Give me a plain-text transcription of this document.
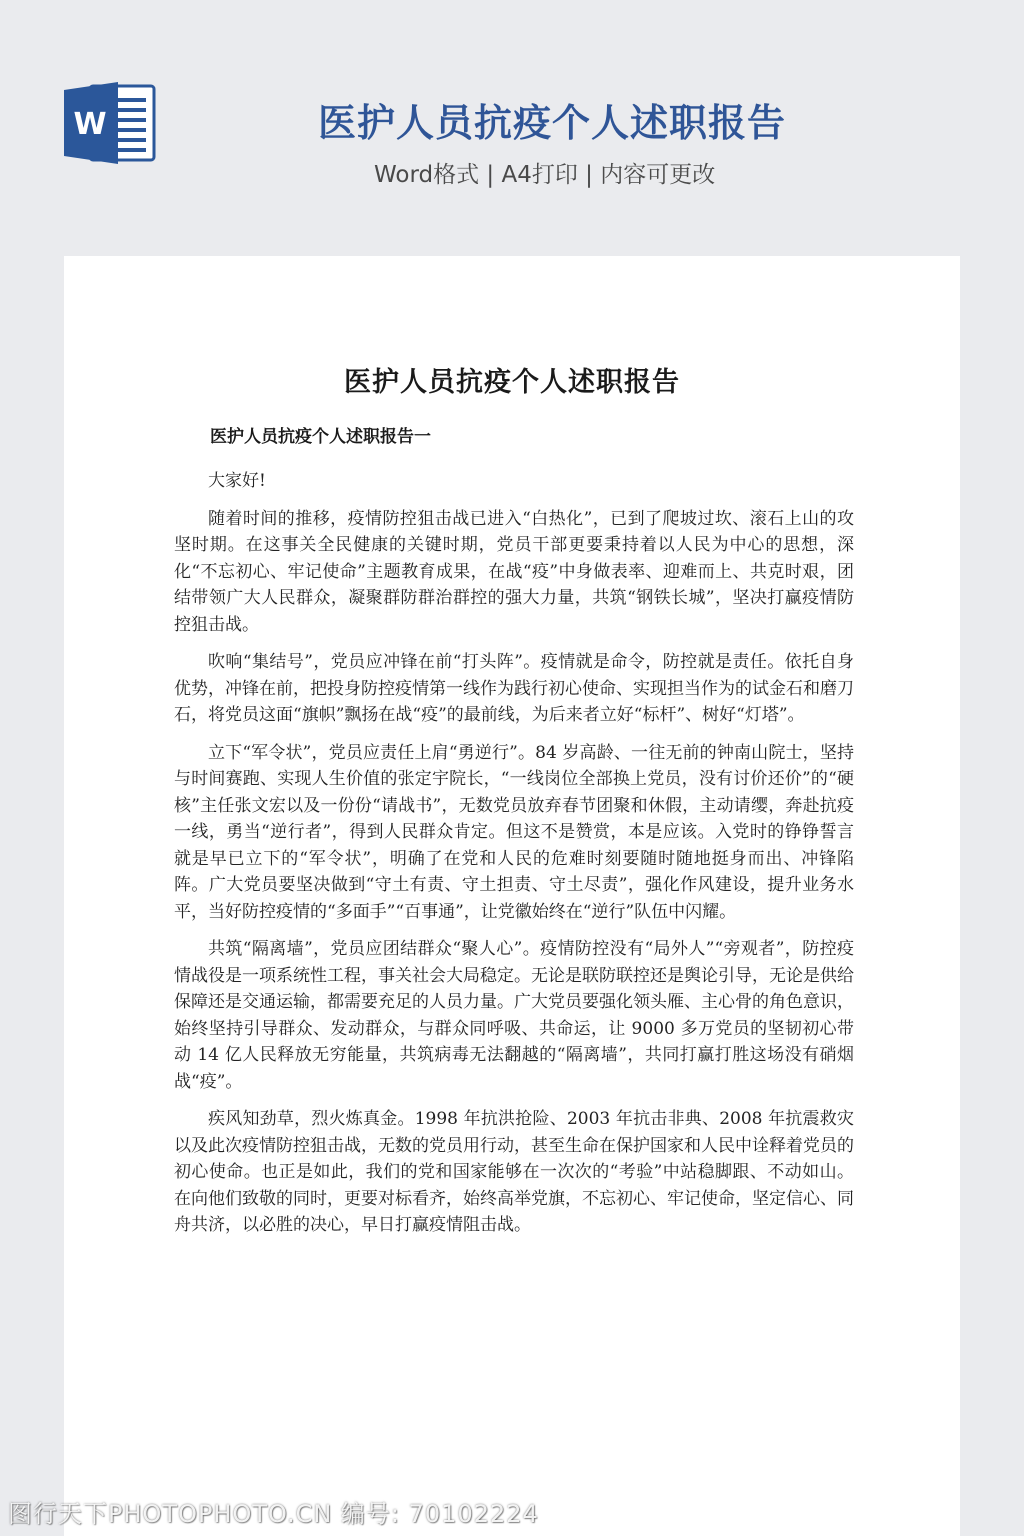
W	医护人员抗疫个人述职报告
Word格式 | A4打印 | 内容可更改
医护人员抗疫个人述职报告
医护人员抗疫个人述职报告一

大家好!

随着时间的推移，疫情防控狙击战已进入“白热化”，已到了爬坡过坎、滚石上山的攻坚时期。在这事关全民健康的关键时期，党员干部更要秉持着以人民为中心的思想，深化“不忘初心、牢记使命”主题教育成果，在战“疫”中身做表率、迎难而上、共克时艰，团结带领广大人民群众，凝聚群防群治群控的强大力量，共筑“钢铁长城”，坚决打赢疫情防控狙击战。

吹响“集结号”，党员应冲锋在前“打头阵”。疫情就是命令，防控就是责任。依托自身优势，冲锋在前，把投身防控疫情第一线作为践行初心使命、实现担当作为的试金石和磨刀石，将党员这面“旗帜”飘扬在战“疫”的最前线，为后来者立好“标杆”、树好“灯塔”。

立下“军令状”，党员应责任上肩“勇逆行”。84 岁高龄、一往无前的钟南山院士，坚持与时间赛跑、实现人生价值的张定宇院长，“一线岗位全部换上党员，没有讨价还价”的“硬核”主任张文宏以及一份份“请战书”，无数党员放弃春节团聚和休假，主动请缨，奔赴抗疫一线，勇当“逆行者”，得到人民群众肯定。但这不是赞赏，本是应该。入党时的铮铮誓言就是早已立下的“军令状”，明确了在党和人民的危难时刻要随时随地挺身而出、冲锋陷阵。广大党员要坚决做到“守土有责、守土担责、守土尽责”，强化作风建设，提升业务水平，当好防控疫情的“多面手”“百事通”，让党徽始终在“逆行”队伍中闪耀。

共筑“隔离墙”，党员应团结群众“聚人心”。疫情防控没有“局外人”“旁观者”，防控疫情战役是一项系统性工程，事关社会大局稳定。无论是联防联控还是舆论引导，无论是供给保障还是交通运输，都需要充足的人员力量。广大党员要强化领头雁、主心骨的角色意识，始终坚持引导群众、发动群众，与群众同呼吸、共命运，让 9000 多万党员的坚韧初心带动 14 亿人民释放无穷能量，共筑病毒无法翻越的“隔离墙”，共同打赢打胜这场没有硝烟战“疫”。

疾风知劲草，烈火炼真金。1998 年抗洪抢险、2003 年抗击非典、2008 年抗震救灾以及此次疫情防控狙击战，无数的党员用行动，甚至生命在保护国家和人民中诠释着党员的初心使命。也正是如此，我们的党和国家能够在一次次的“考验”中站稳脚跟、不动如山。在向他们致敬的同时，更要对标看齐，始终高举党旗，不忘初心、牢记使命，坚定信心、同舟共济，以必胜的决心，早日打赢疫情阻击战。

图行天下PHOTOPHOTO.CN 编号: 70102224
